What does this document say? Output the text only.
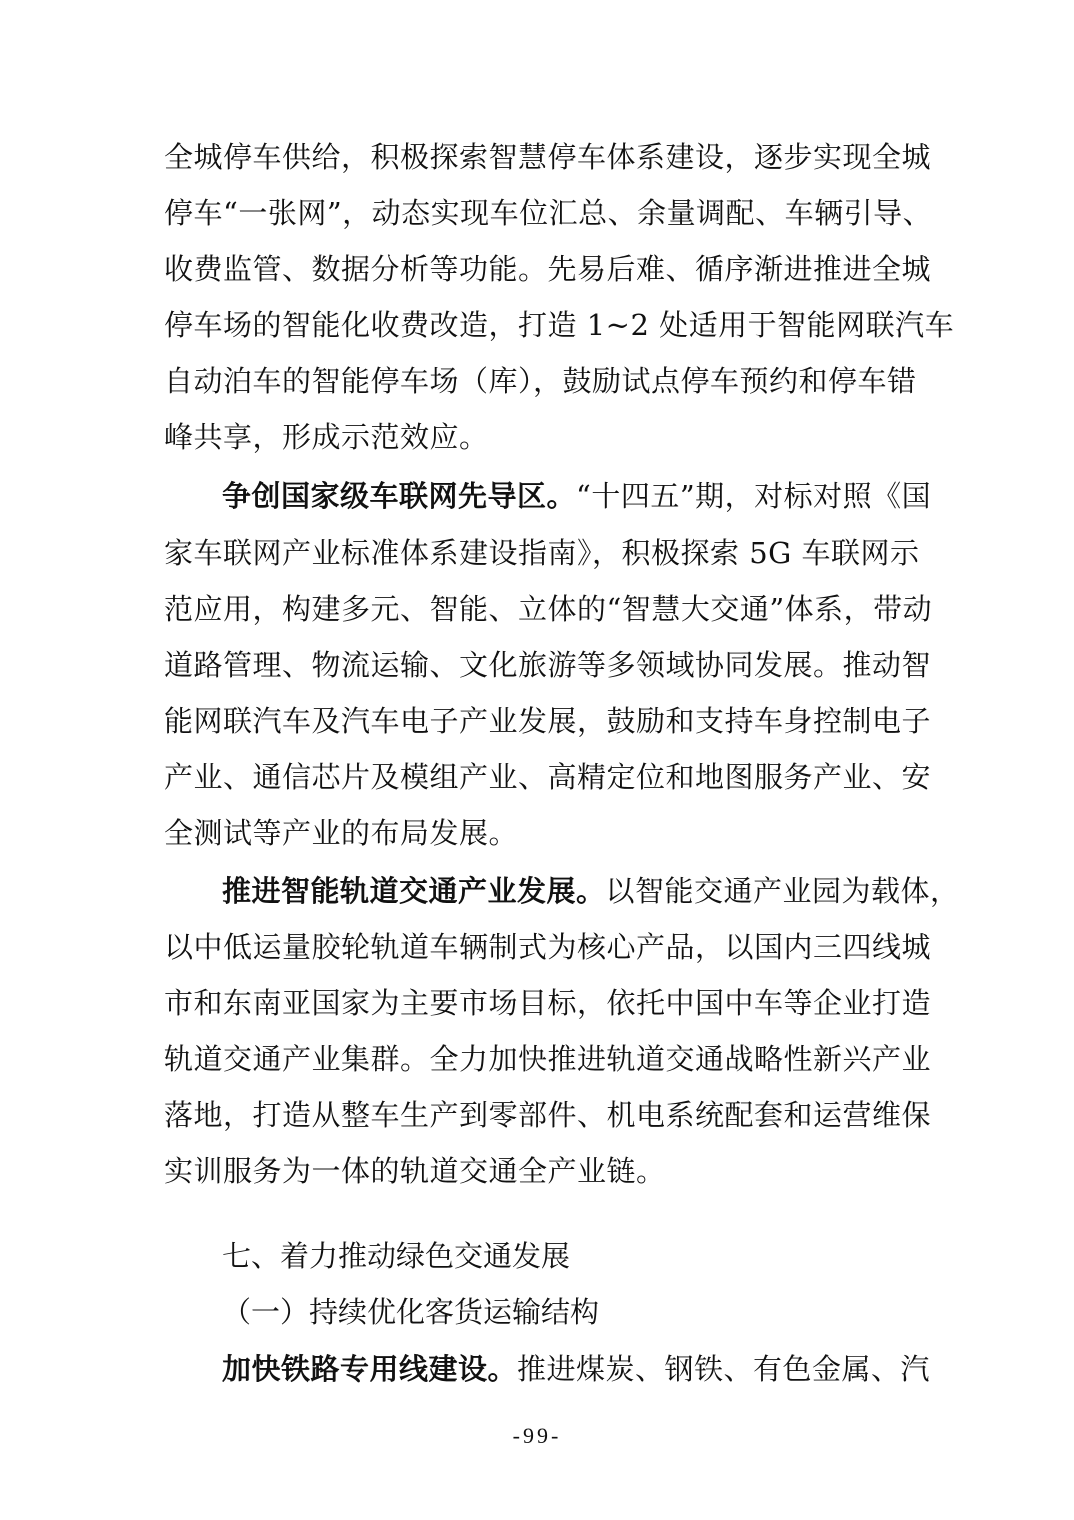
全城停车供给，积极探索智慧停车体系建设，逐步实现全城
停车“一张网”，动态实现车位汇总、余量调配、车辆引导、
收费监管、数据分析等功能。先易后难、循序渐进推进全城
停车场的智能化收费改造，打造 1~2 处适用于智能网联汽车
自动泊车的智能停车场（库），鼓励试点停车预约和停车错
峰共享，形成示范效应。
争创国家级车联网先导区。“十四五”期，对标对照《国
家车联网产业标准体系建设指南》，积极探索 5G 车联网示
范应用，构建多元、智能、立体的“智慧大交通”体系，带动
道路管理、物流运输、文化旅游等多领域协同发展。推动智
能网联汽车及汽车电子产业发展，鼓励和支持车身控制电子
产业、通信芯片及模组产业、高精定位和地图服务产业、安
全测试等产业的布局发展。
推进智能轨道交通产业发展。以智能交通产业园为载体，
以中低运量胶轮轨道车辆制式为核心产品，以国内三四线城
市和东南亚国家为主要市场目标，依托中国中车等企业打造
轨道交通产业集群。全力加快推进轨道交通战略性新兴产业
落地，打造从整车生产到零部件、机电系统配套和运营维保
实训服务为一体的轨道交通全产业链。
七、着力推动绿色交通发展
（一）持续优化客货运输结构
加快铁路专用线建设。推进煤炭、钢铁、有色金属、汽
-99-
